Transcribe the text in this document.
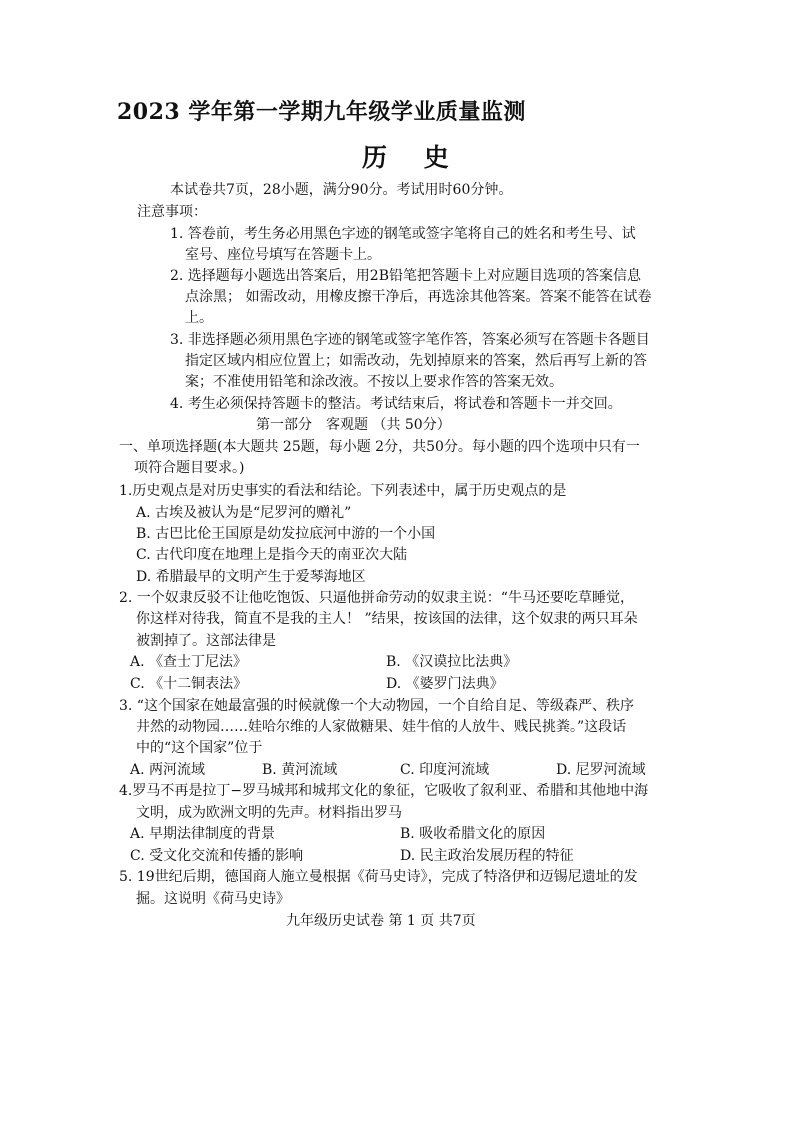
2023 学年第一学期九年级学业质量监测
历 史
本试卷共7页，28小题，满分90分。考试用时60分钟。
注意事项：
1. 答卷前，考生务必用黑色字迹的钢笔或签字笔将自己的姓名和考生号、试
室号、座位号填写在答题卡上。
2. 选择题每小题选出答案后，用2B铅笔把答题卡上对应题目选项的答案信息
点涂黑； 如需改动，用橡皮擦干净后，再选涂其他答案。答案不能答在试卷
上。
3. 非选择题必须用黑色字迹的钢笔或签字笔作答，答案必须写在答题卡各题目
指定区域内相应位置上；如需改动，先划掉原来的答案，然后再写上新的答
案；不准使用铅笔和涂改液。不按以上要求作答的答案无效。
4. 考生必须保持答题卡的整洁。考试结束后，将试卷和答题卡一并交回。
第一部分　客观题 （共 50分）
一、单项选择题(本大题共 25题，每小题 2分，共50分。每小题的四个选项中只有一
项符合题目要求。)
1.历史观点是对历史事实的看法和结论。下列表述中，属于历史观点的是
A. 古埃及被认为是“尼罗河的赠礼”
B. 古巴比伦王国原是幼发拉底河中游的一个小国
C. 古代印度在地理上是指今天的南亚次大陆
D. 希腊最早的文明产生于爱琴海地区
2. 一个奴隶反驳不让他吃饱饭、只逼他拼命劳动的奴隶主说：“牛马还要吃草睡觉，
你这样对待我，简直不是我的主人！ ”结果，按该国的法律，这个奴隶的两只耳朵
被割掉了。这部法律是
A. 《查士丁尼法》	B. 《汉谟拉比法典》
C. 《十二铜表法》	D. 《婆罗门法典》
3. “这个国家在她最富强的时候就像一个大动物园，一个自给自足、等级森严、秩序
井然的动物园……娃哈尔维的人家做糖果、娃牛倌的人放牛、贱民挑粪。”这段话
中的“这个国家”位于
A. 两河流域	B. 黄河流域	C. 印度河流域	D. 尼罗河流域
4.罗马不再是拉丁−罗马城邦和城邦文化的象征，它吸收了叙利亚、希腊和其他地中海
文明，成为欧洲文明的先声。材料指出罗马
A. 早期法律制度的背景	B. 吸收希腊文化的原因
C. 受文化交流和传播的影响	D. 民主政治发展历程的特征
5. 19世纪后期，德国商人施立曼根据《荷马史诗》，完成了特洛伊和迈锡尼遗址的发
掘。这说明《荷马史诗》
九年级历史试卷 第 1 页 共7页
